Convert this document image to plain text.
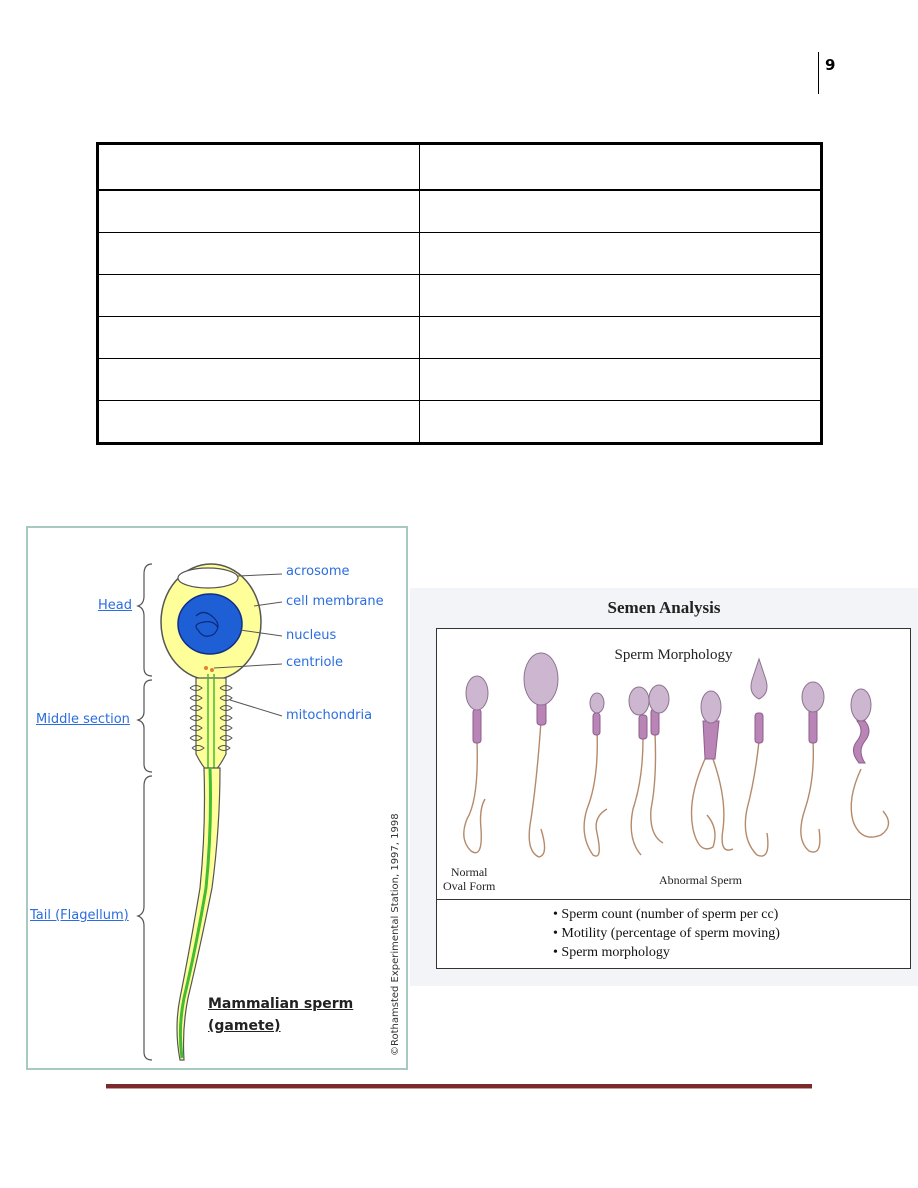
9

Head
Middle section
Tail (Flagellum)
acrosome
cell membrane
nucleus
centriole
mitochondria
Mammalian sperm
(gamete)	©Rothamsted Experimental Station, 1997, 1998
Semen Analysis
Sperm Morphology
Normal
Oval Form	Abnormal Sperm
• Sperm count (number of sperm per cc)
• Motility (percentage of sperm moving)
• Sperm morphology
